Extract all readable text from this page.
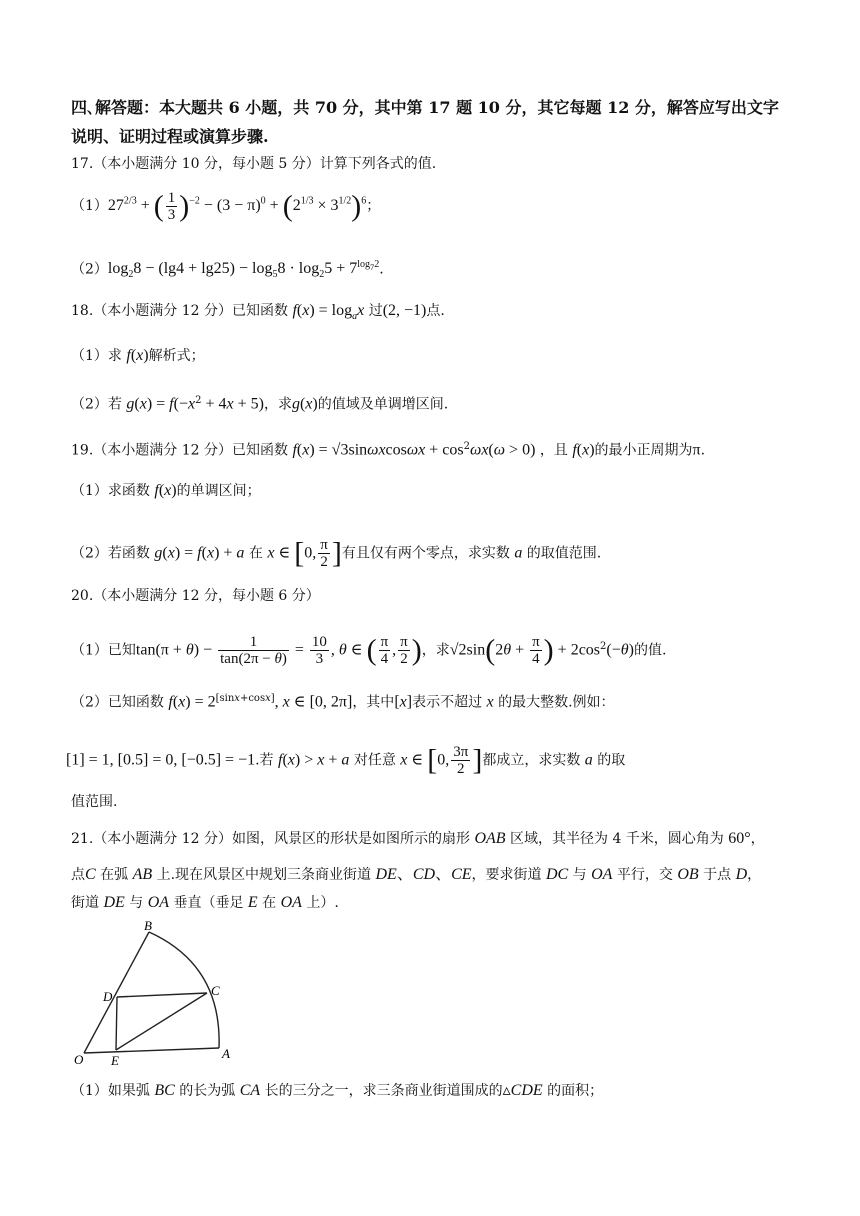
四､解答题：本大题共 6 小题，共 70 分，其中第 17 题 10 分，其它每题 12 分，解答应写出文字
说明、证明过程或演算步骤.
17.（本小题满分 10 分，每小题 5 分）计算下列各式的值.
$(1)27^{2/3}$ + ( $\frac{1}{3} )^{-2} - (3 - \pi)^0 + (2^{1/3} \times 3^{1/2})^6$；
$(2)\log_28 - (\lg 4 + \lg 25) - \log_58 \cdot \log_25 + 7^{log_72}$.
18.（本小题满分 12 分）已知函数 $f(x) = \log_ax$ 过(2, −1)点.
（1）求 f(x)解析式；
（2）若 $g(x) = f(-x^2 + 4x + 5)$，求g(x)的值域及单调增区间.
19.（本小题满分 12 分）已知函数 $f(x) = √3\sin\omega xcos\omega x + \cos^2\omega x(\omega > 0)$ ，且 f(x)的最小正周期为π.
（1）求函数 f(x)的单调区间；
（2）若函数 g(x) = f(x) + a 在 x ∈ [0, $\frac{\pi}{2}$ ]有且仅有两个零点，求实数 a 的取值范围.
20.（本小题满分 12 分，每小题 6 分）
（1）已知$\tan(\pi + \theta) - \frac{1}{\tan(2\pi - \theta)} = \frac{10}{3}$ , θ ∈ ( $\frac{\pi}{4}$ , $\frac{\pi}{2}$ )，求$√2\sin(2\theta + \frac{\pi}{4}$ ) + $2\cos^2(-\theta)$的值.
（2）已知函数 f(x) = 2[sinx+cosx], x ∈ [0, 2π]，其中[x]表示不超过 x 的最大整数.例如：
[1] = 1, [0.5] = 0, [−0.5] = −1.若 f(x) > x + a 对任意 x ∈ [0, $\frac{3\pi}{2}$ ]都成立，求实数 a 的取
值范围.
21.（本小题满分 12 分）如图，风景区的形状是如图所示的扇形 OAB 区域，其半径为 4 千米，圆心角为 60°，
点C 在弧 AB 上.现在风景区中规划三条商业街道 DE、CD、CE，要求街道 DC 与 OA 平行，交 OB 于点 D，
街道 DE 与 OA 垂直（垂足 E 在 OA 上）.
O E	A
D	C
B
（1）如果弧 BC 的长为弧 CA 长的三分之一，求三条商业街道围成的▵CDE 的面积；
